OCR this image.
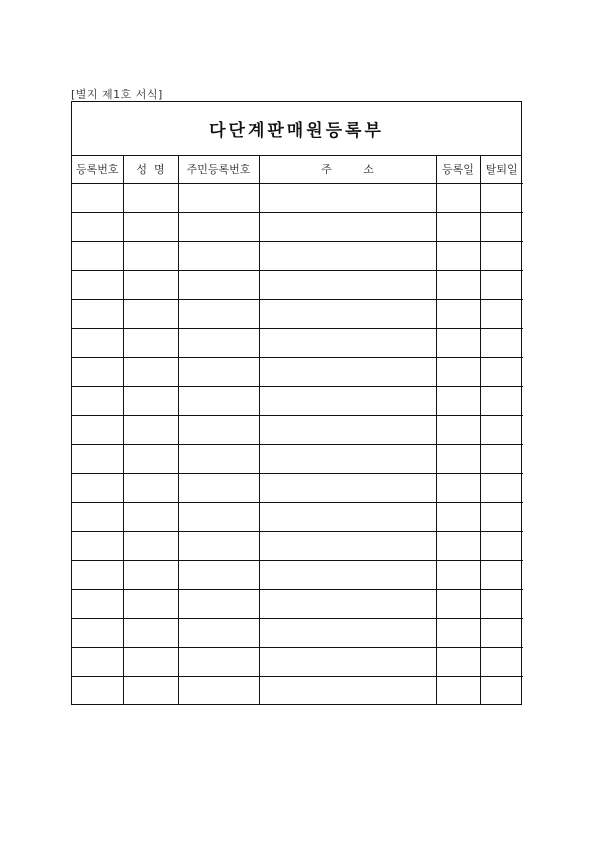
[별지 제1호 서식]
다단계판매원등록부
등록번호	성  명	주민등록번호	주         소	등록일	탈퇴일
